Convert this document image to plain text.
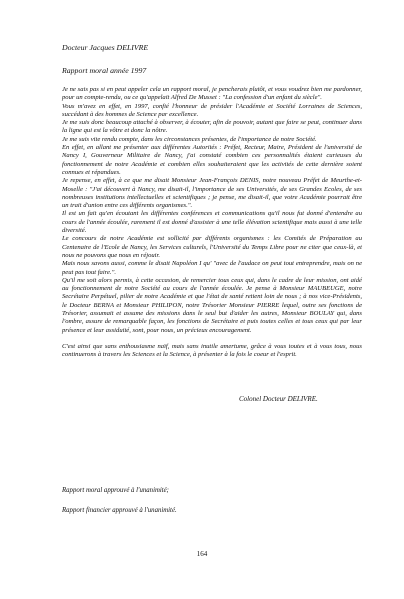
Docteur Jacques DELIVRE
Rapport moral année 1997

Je ne sais pas si en peut appeler cela un rapport moral, je pencherais plutôt, et vous voudrez bien me pardonner, pour un compte-rendu, ou ce qu'appelait Alfred De Musset : "La confession d'un enfant du siècle".

Vous m'avez en effet, en 1997, confié l'honneur de présider l'Académie et Société Lorraines de Sciences, succédant à des hommes de Science par excellence.

Je me suis donc beaucoup attaché à observer, à écouter, afin de pouvoir, autant que faire se peut, continuer dans la ligne qui est la vôtre et donc la nôtre.

Je me suis vite rendu compte, dans les circonstances présentes, de l'importance de notre Société.

En effet, en allant me présenter aux différentes Autorités : Préfet, Recteur, Maire, Président de l'université de Nancy I, Gouverneur Militaire de Nancy, j'ai constaté combien ces personnalités étaient curieuses du fonctionnement de notre Académie et combien elles souhaiteraient que les activités de cette dernière soient connues et répandues.

Je repense, en effet, à ce que me disait Monsieur Jean-François DENIS, notre nouveau Préfet de Meurthe-et-Moselle : "J'ai découvert à Nancy, me disait-il, l'importance de ses Universités, de ses Grandes Ecoles, de ses nombreuses institutions intellectuelles et scientifiques ; je pense, me disait-il, que votre Académie pourrait être un trait d'union entre ces différents organismes.".

Il est un fait qu'en écoutant les différentes conférences et communications qu'il nous fut donné d'entendre au cours de l'année écoulée, rarement il est donné d'assister à une telle élévation scientifique mais aussi à une telle diversité.

Le concours de notre Académie est sollicité par différents organismes : les Comités de Préparation au Centenaire de l'Ecole de Nancy, les Services culturels, l'Université du Temps Libre pour ne citer que ceux-là, et nous ne pouvons que nous en réjouir.

Mais nous savons aussi, comme le disait Napoléon I qu' "avec de l'audace on peut tout entreprendre, mais on ne peut pas tout faire.".

Qu'il me soit alors permis, à cette occasion, de remercier tous ceux qui, dans le cadre de leur mission, ont aidé au fonctionnement de notre Société au cours de l'année écoulée. Je pense à Monsieur MAUBEUGE, notre Secrétaire Perpétuel, pilier de notre Académie et que l'état de santé retient loin de nous ; à nos vice-Présidents, le Docteur BERNA et Monsieur PHILIPON, notre Trésorier Monsieur PIERRE lequel, outre ses fonctions de Trésorier, assumait et assume des missions dans le seul but d'aider les autres, Monsieur BOULAY qui, dans l'ombre, assure de remarquable façon, les fonctions de Secrétaire et puis toutes celles et tous ceux qui par leur présence et leur assiduité, sont, pour nous, un précieux encouragement.

C'est ainsi que sans enthousiasme naïf, mais sans inutile amertume, grâce à vous toutes et à vous tous, nous continuerons à travers les Sciences et la Science, à présenter à la fois le coeur et l'esprit.

Colonel Docteur DELIVRE.
Rapport moral approuvé à l'unanimité;
Rapport financier approuvé à l'unanimité.
164
